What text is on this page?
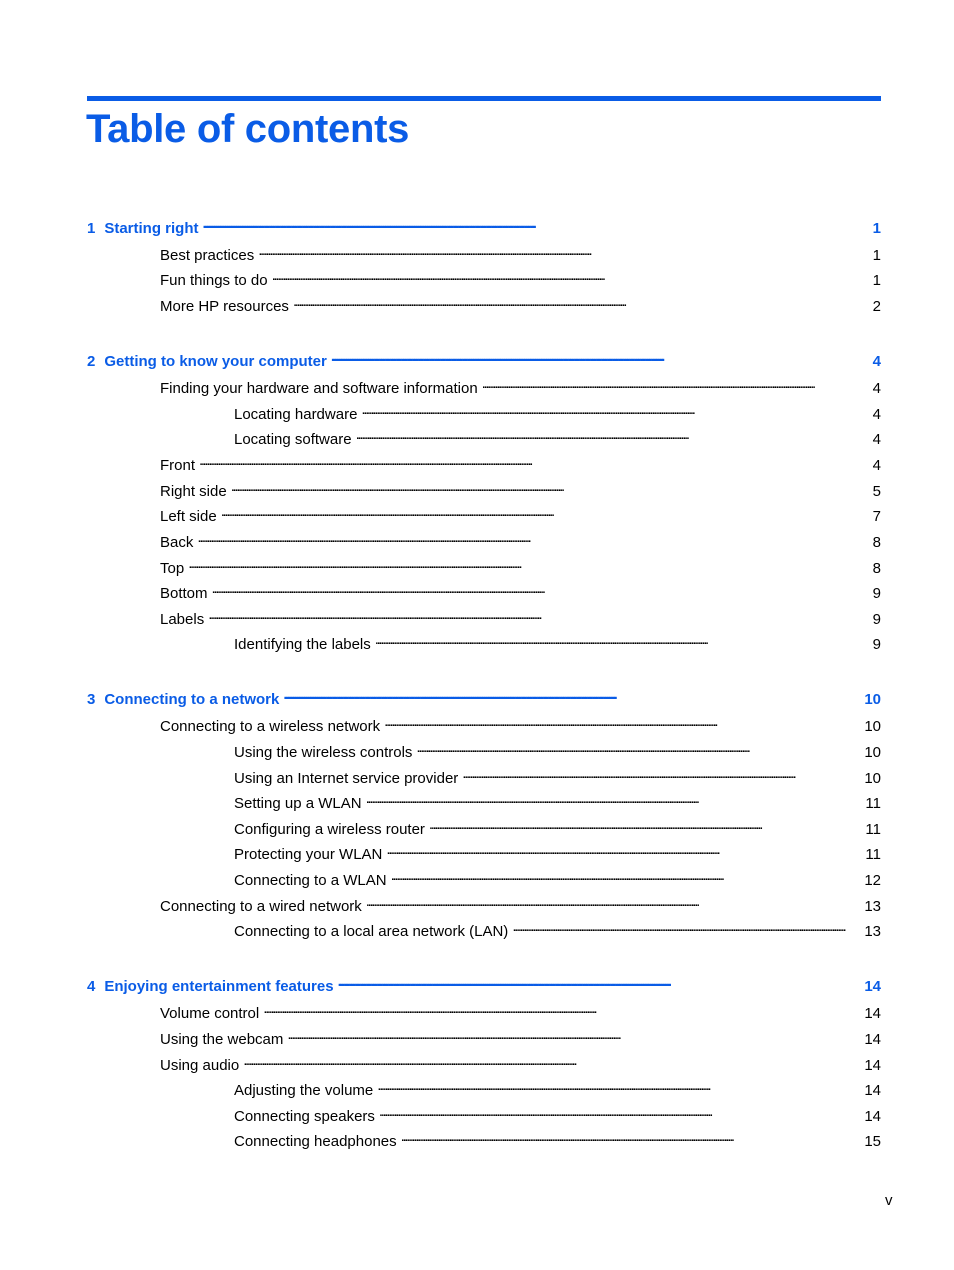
Table of contents
1 Starting right . . .	1
Best practices . . .	1
Fun things to do . . .	1
More HP resources . . .	2
2 Getting to know your computer . . .	4
Finding your hardware and software information . . .	4
Locating hardware . . .	4
Locating software . . .	4
Front . . .	4
Right side . . .	5
Left side . . .	7
Back . . .	8
Top . . .	8
Bottom . . .	9
Labels . . .	9
Identifying the labels . . .	9
3 Connecting to a network . . .	10
Connecting to a wireless network . . .	10
Using the wireless controls . . .	10
Using an Internet service provider . . .	10
Setting up a WLAN . . .	11
Configuring a wireless router . . .	11
Protecting your WLAN . . .	11
Connecting to a WLAN . . .	12
Connecting to a wired network . . .	13
Connecting to a local area network (LAN) . . .	13
4 Enjoying entertainment features . . .	14
Volume control . . .	14
Using the webcam . . .	14
Using audio . . .	14
Adjusting the volume . . .	14
Connecting speakers . . .	14
Connecting headphones . . .	15
v
